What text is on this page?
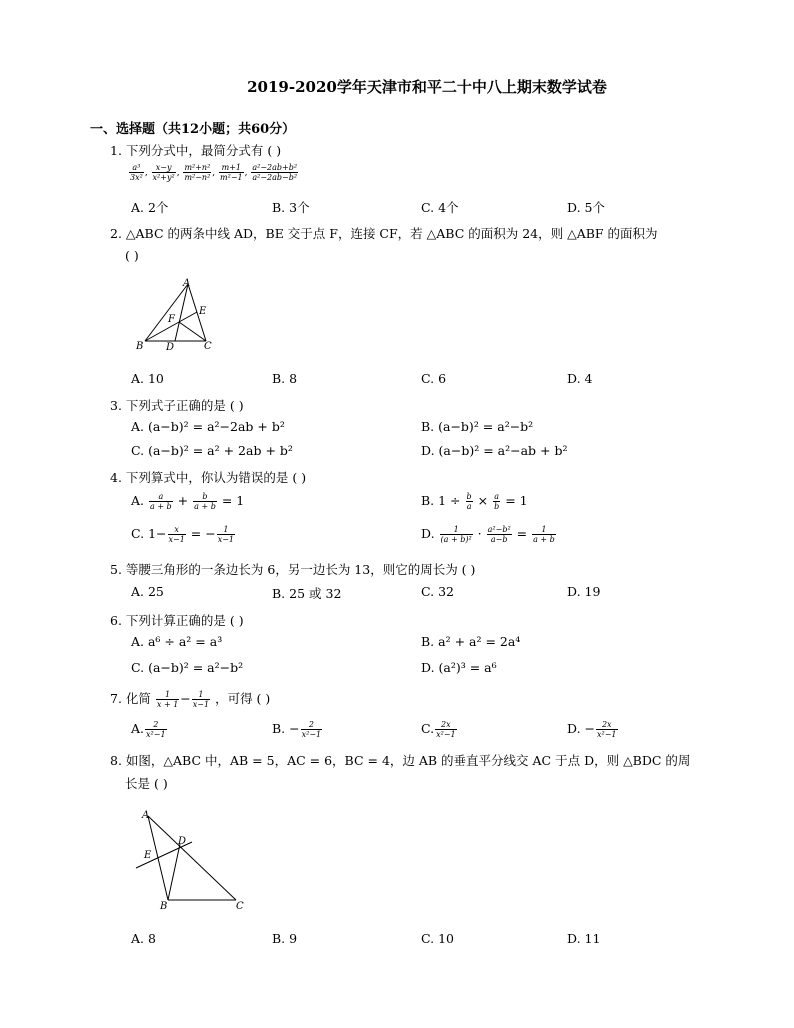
2019-2020学年天津市和平二十中八上期末数学试卷
一、选择题（共12小题；共60分）
1. 下列分式中，最简分式有 ( )
$\frac{\text{a³}}{\text{3x²}}$ , $\frac{x-y}{\text{x²+y²}}$ , $\frac{\text{m²+n²}}{\text{m²−n²}}$ , $\frac{m+1}{\text{m²−1}}$ , $\frac{\text{a²−2ab+b²}}{\text{a²−2ab−b²}}$
A. 2个	B. 3个	C. 4个	D. 5个
2. △ABC 的两条中线 AD，BE 交于点 F，连接 CF，若 △ABC 的面积为 24，则 △ABF 的面积为
( )
A
B	C
D
E
F
A. 10	B. 8	C. 6	D. 4
3. 下列式子正确的是 ( )
A. (a−b)² = a²−2ab + b²	B. (a−b)² = a²−b²
C. (a−b)² = a² + 2ab + b²	D. (a−b)² = a²−ab + b²
4. 下列算式中，你认为错误的是 ( )
A. $\frac{a}{a + b} + \frac{b}{a + b} = 1$	B. $1 \div \frac{b}{a} \times \frac{a}{b} = 1$
C. $1- \frac{x}{x-1}$ = − $\frac{1}{x-1}$	D. $\frac{1}{\text{(a + b)²}} \cdot \frac{\text{a²−b²}}{a-b} = \frac{1}{a + b}$
5. 等腰三角形的一条边长为 6，另一边长为 13，则它的周长为 ( )
A. 25	B. 25 或 32	C. 32	D. 19
6. 下列计算正确的是 ( )
A. a⁶ ÷ a² = a³	B. a² + a² = 2a⁴
C. (a−b)² = a²−b²	D. (a²)³ = a⁶
7. 化简 $\frac{1}{x + 1} - \frac{1}{x-1}$ ，可得 ( )
A. $\frac{2}{\text{x²−1}}$	B. − $\frac{2}{\text{x²−1}}$	C. $\frac{2x}{\text{x²−1}}$	D. − $\frac{2x}{\text{x²−1}}$
8. 如图，△ABC 中，AB = 5，AC = 6，BC = 4，边 AB 的垂直平分线交 AC 于点 D，则 △BDC 的周
长是 ( )
A
B	C
D
E
A. 8	B. 9	C. 10	D. 11
